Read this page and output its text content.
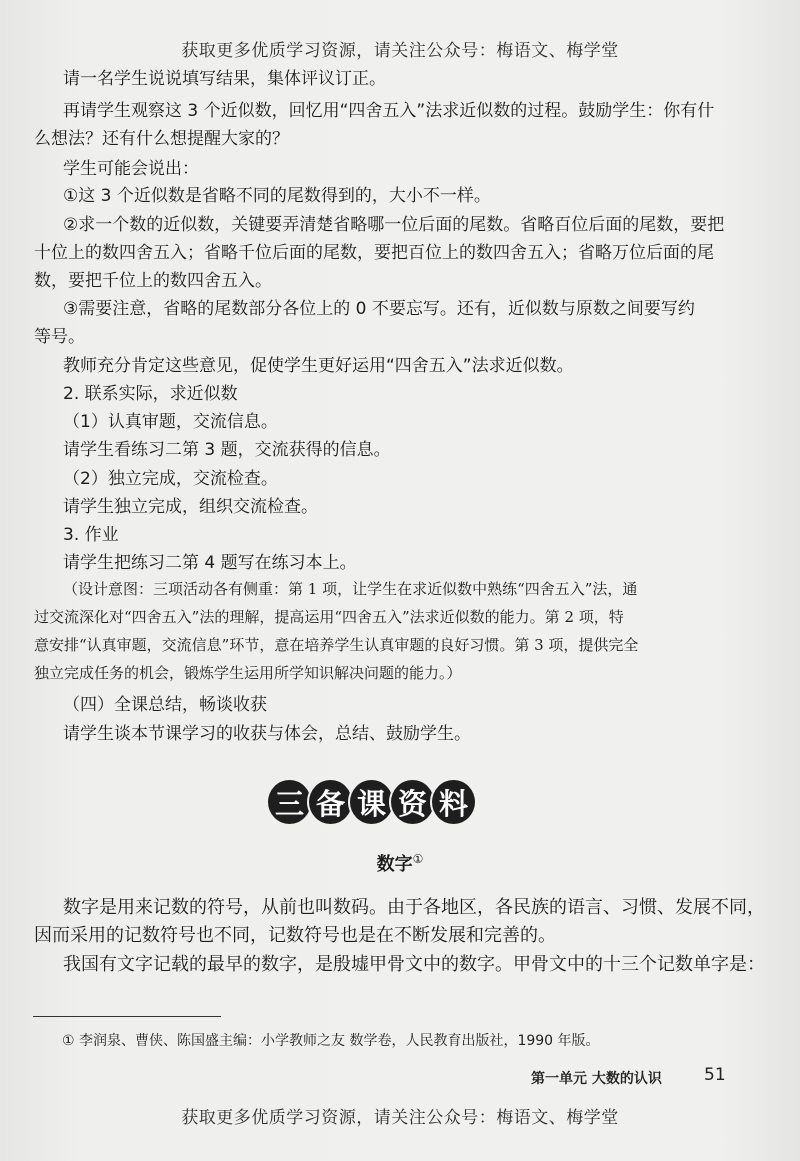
获取更多优质学习资源，请关注公众号：梅语文、梅学堂
请一名学生说说填写结果，集体评议订正。
再请学生观察这 3 个近似数，回忆用“四舍五入”法求近似数的过程。鼓励学生：你有什
么想法？还有什么想提醒大家的？
学生可能会说出：
①这 3 个近似数是省略不同的尾数得到的，大小不一样。
②求一个数的近似数，关键要弄清楚省略哪一位后面的尾数。省略百位后面的尾数，要把
十位上的数四舍五入；省略千位后面的尾数，要把百位上的数四舍五入；省略万位后面的尾
数，要把千位上的数四舍五入。
③需要注意，省略的尾数部分各位上的 0 不要忘写。还有，近似数与原数之间要写约
等号。
教师充分肯定这些意见，促使学生更好运用“四舍五入”法求近似数。
2. 联系实际，求近似数
（1）认真审题，交流信息。
请学生看练习二第 3 题，交流获得的信息。
（2）独立完成，交流检查。
请学生独立完成，组织交流检查。
3. 作业
请学生把练习二第 4 题写在练习本上。
（设计意图：三项活动各有侧重：第 1 项，让学生在求近似数中熟练“四舍五入”法，通
过交流深化对“四舍五入”法的理解，提高运用“四舍五入”法求近似数的能力。第 2 项，特
意安排“认真审题，交流信息”环节，意在培养学生认真审题的良好习惯。第 3 项，提供完全
独立完成任务的机会，锻炼学生运用所学知识解决问题的能力。）
（四）全课总结，畅谈收获
请学生谈本节课学习的收获与体会，总结、鼓励学生。
三 备 课 资 料
数字①
数字是用来记数的符号，从前也叫数码。由于各地区，各民族的语言、习惯、发展不同，
因而采用的记数符号也不同，记数符号也是在不断发展和完善的。
我国有文字记载的最早的数字，是殷墟甲骨文中的数字。甲骨文中的十三个记数单字是：
① 李润泉、曹侠、陈国盛主编：小学教师之友 数学卷，人民教育出版社，1990 年版。
第一单元 大数的认识 51
获取更多优质学习资源，请关注公众号：梅语文、梅学堂
